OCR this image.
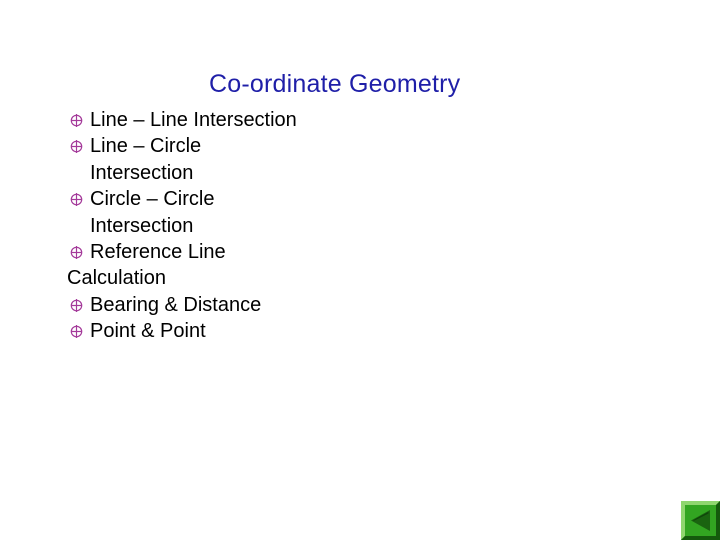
Co-ordinate Geometry
Line – Line Intersection
Line – Circle
Intersection
Circle – Circle
Intersection
Reference Line
Calculation
Bearing & Distance
Point & Point
